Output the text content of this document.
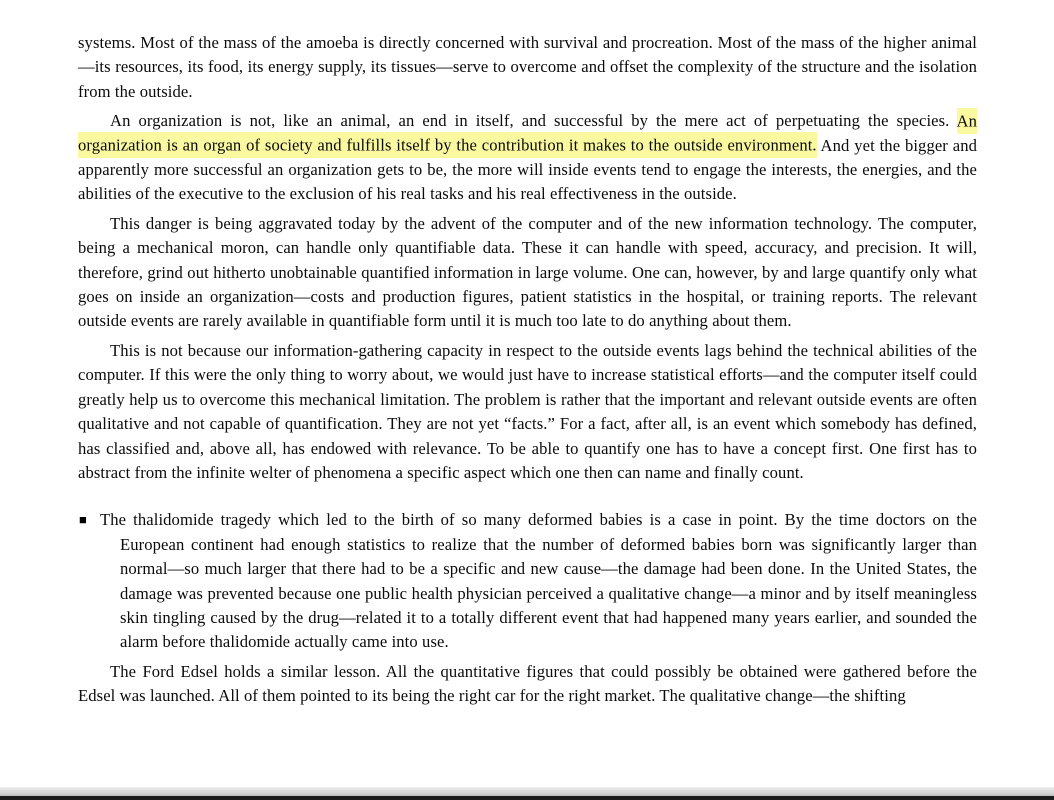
systems. Most of the mass of the amoeba is directly concerned with survival and procreation. Most of the mass of the higher animal—its resources, its food, its energy supply, its tissues—serve to overcome and offset the complexity of the structure and the isolation from the outside.

An organization is not, like an animal, an end in itself, and successful by the mere act of perpetuating the species. An organization is an organ of society and fulfills itself by the contribution it makes to the outside environment. And yet the bigger and apparently more successful an organization gets to be, the more will inside events tend to engage the interests, the energies, and the abilities of the executive to the exclusion of his real tasks and his real effectiveness in the outside.

This danger is being aggravated today by the advent of the computer and of the new information technology. The computer, being a mechanical moron, can handle only quantifiable data. These it can handle with speed, accuracy, and precision. It will, therefore, grind out hitherto unobtainable quantified information in large volume. One can, however, by and large quantify only what goes on inside an organization—costs and production figures, patient statistics in the hospital, or training reports. The relevant outside events are rarely available in quantifiable form until it is much too late to do anything about them.

This is not because our information-gathering capacity in respect to the outside events lags behind the technical abilities of the computer. If this were the only thing to worry about, we would just have to increase statistical efforts—and the computer itself could greatly help us to overcome this mechanical limitation. The problem is rather that the important and relevant outside events are often qualitative and not capable of quantification. They are not yet “facts.” For a fact, after all, is an event which somebody has defined, has classified and, above all, has endowed with relevance. To be able to quantify one has to have a concept first. One first has to abstract from the infinite welter of phenomena a specific aspect which one then can name and finally count.

■ The thalidomide tragedy which led to the birth of so many deformed babies is a case in point. By the time doctors on the European continent had enough statistics to realize that the number of deformed babies born was significantly larger than normal—so much larger that there had to be a specific and new cause—the damage had been done. In the United States, the damage was prevented because one public health physician perceived a qualitative change—a minor and by itself meaningless skin tingling caused by the drug—related it to a totally different event that had happened many years earlier, and sounded the alarm before thalidomide actually came into use.

The Ford Edsel holds a similar lesson. All the quantitative figures that could possibly be obtained were gathered before the Edsel was launched. All of them pointed to its being the right car for the right market. The qualitative change—the shifting
